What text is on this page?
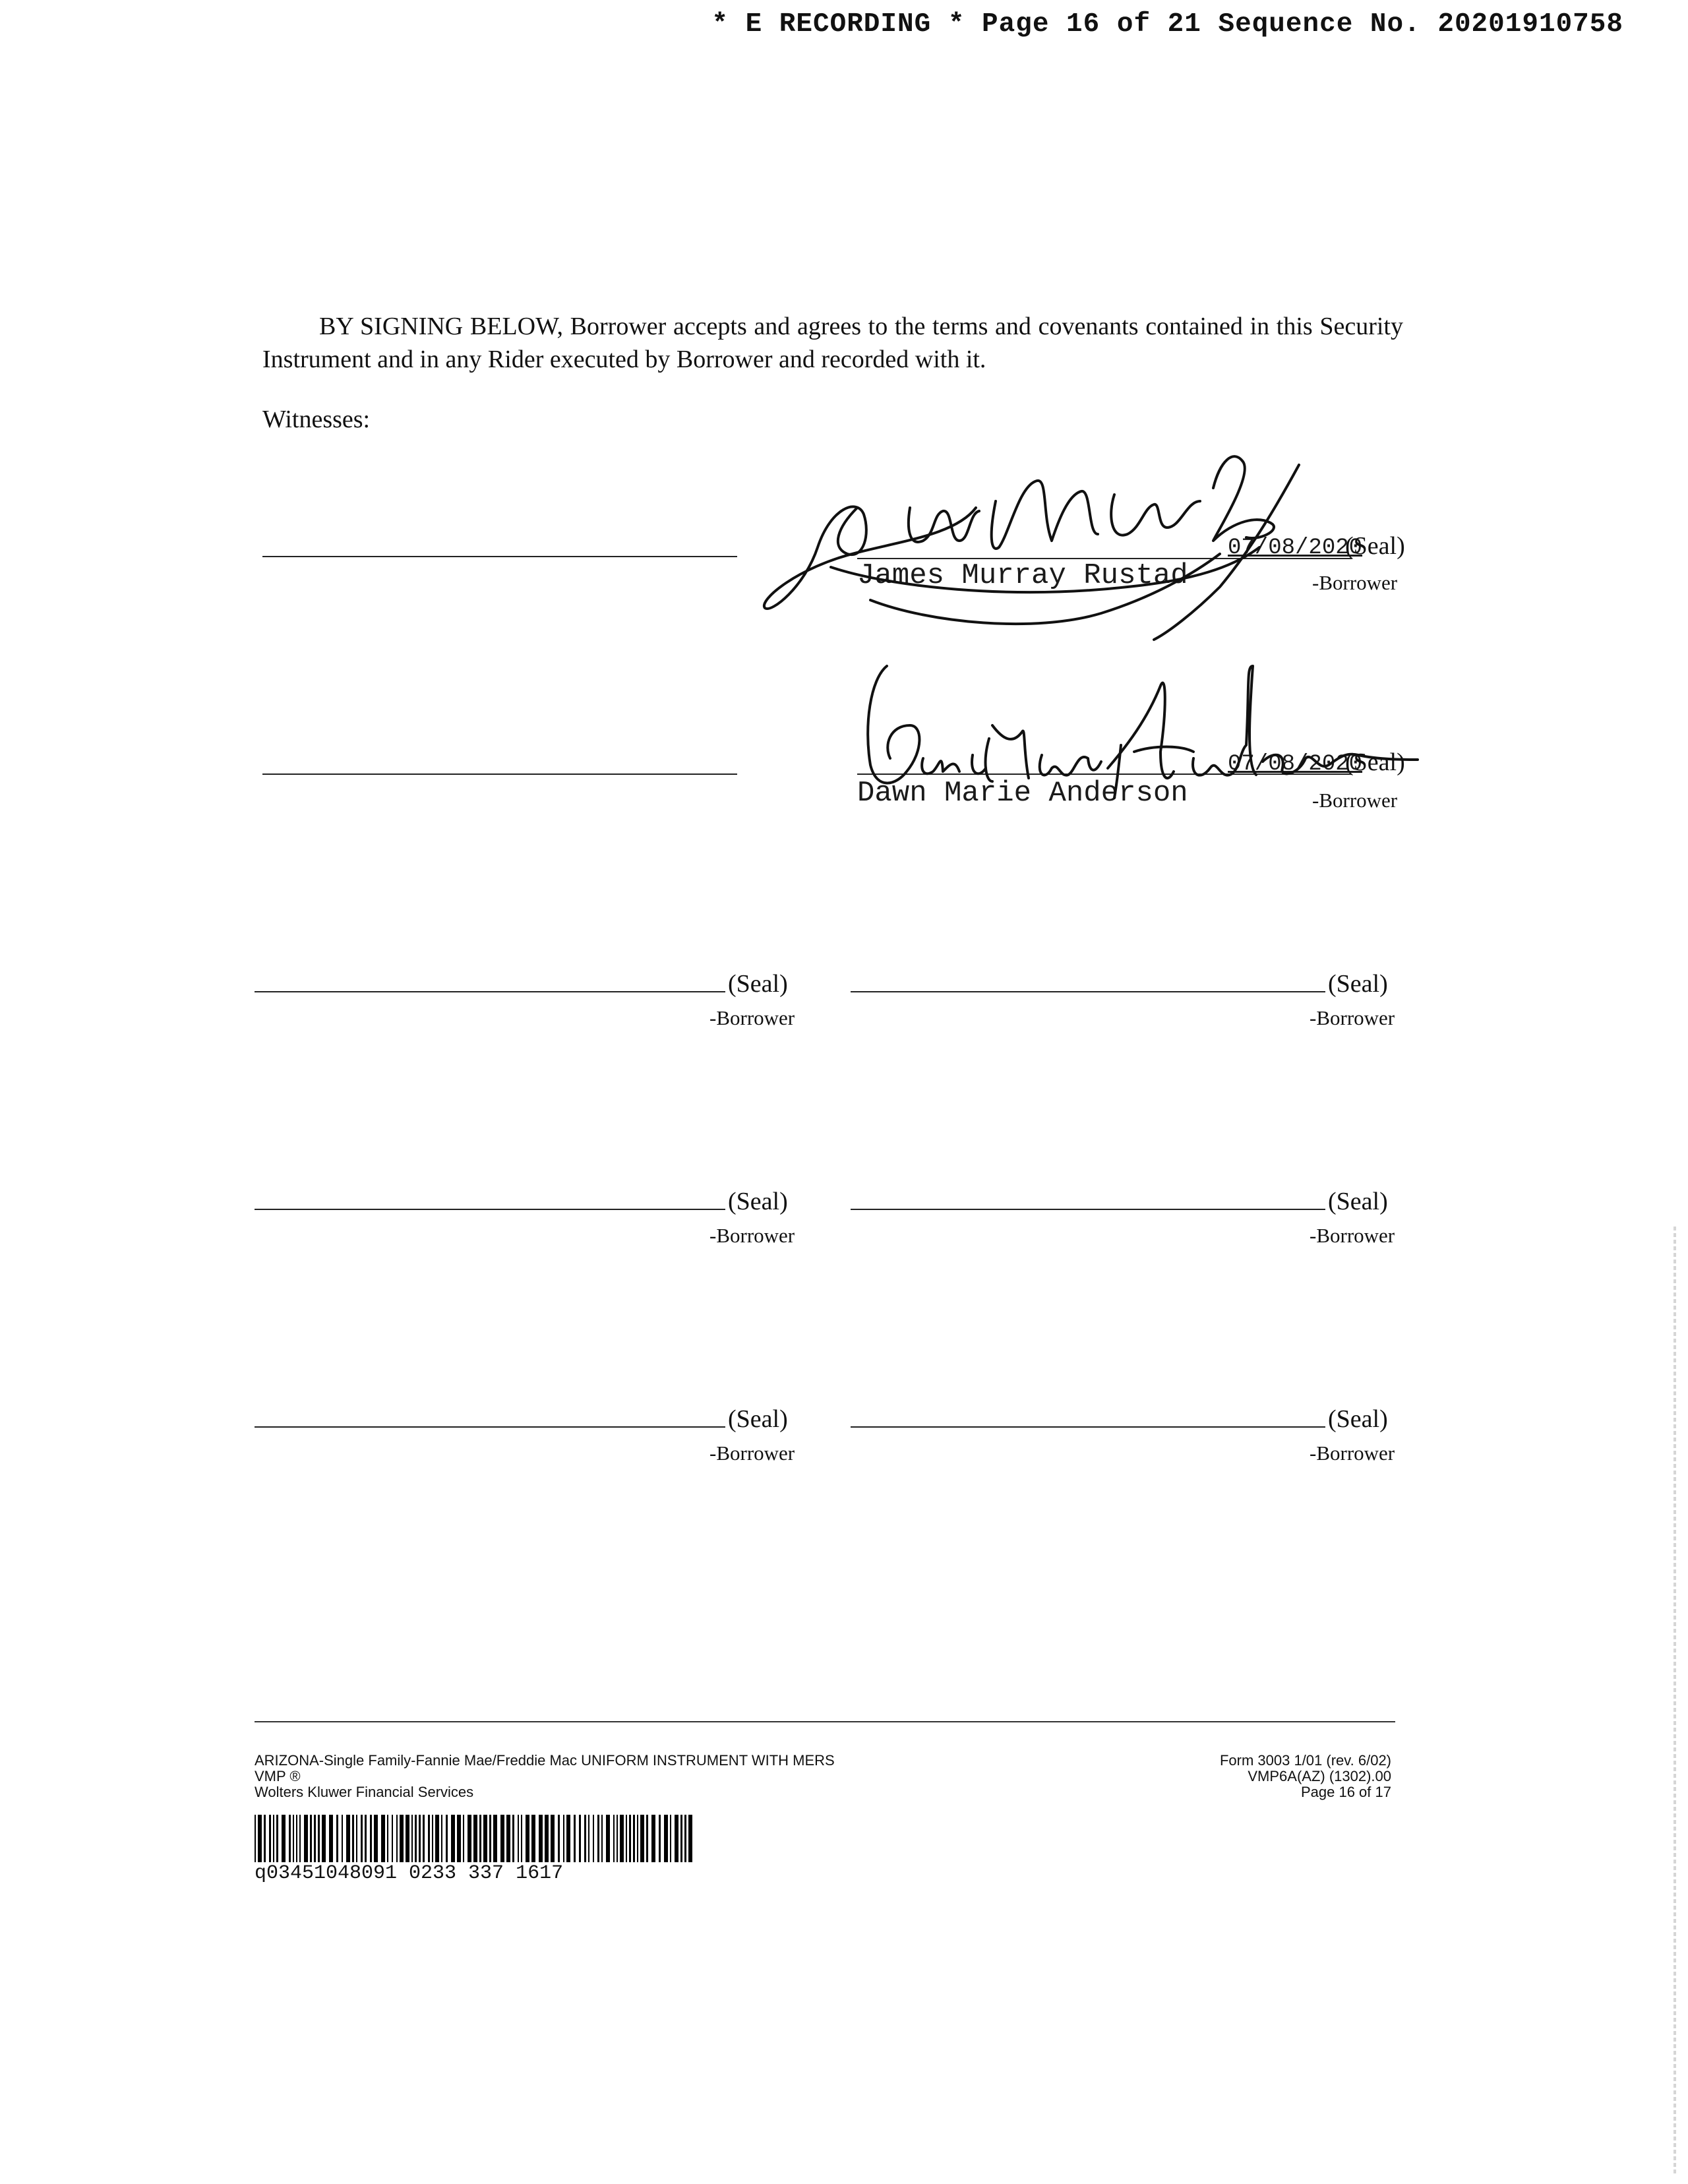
* E RECORDING * Page 16 of 21 Sequence No. 20201910758
BY SIGNING BELOW, Borrower accepts and agrees to the terms and covenants contained in this Security Instrument and in any Rider executed by Borrower and recorded with it.
Witnesses:
James Murray Rustad
07/08/2020
(Seal)
-Borrower
Dawn Marie Anderson
07/08/2020
(Seal)
-Borrower
(Seal)
-Borrower
(Seal)
-Borrower
(Seal)
-Borrower
(Seal)
-Borrower
(Seal)
-Borrower
(Seal)
-Borrower
ARIZONA-Single Family-Fannie Mae/Freddie Mac UNIFORM INSTRUMENT WITH MERS
VMP ®
Wolters Kluwer Financial Services
Form 3003 1/01 (rev. 6/02)
VMP6A(AZ) (1302).00
Page 16 of 17
q03451048091 0233 337 1617
